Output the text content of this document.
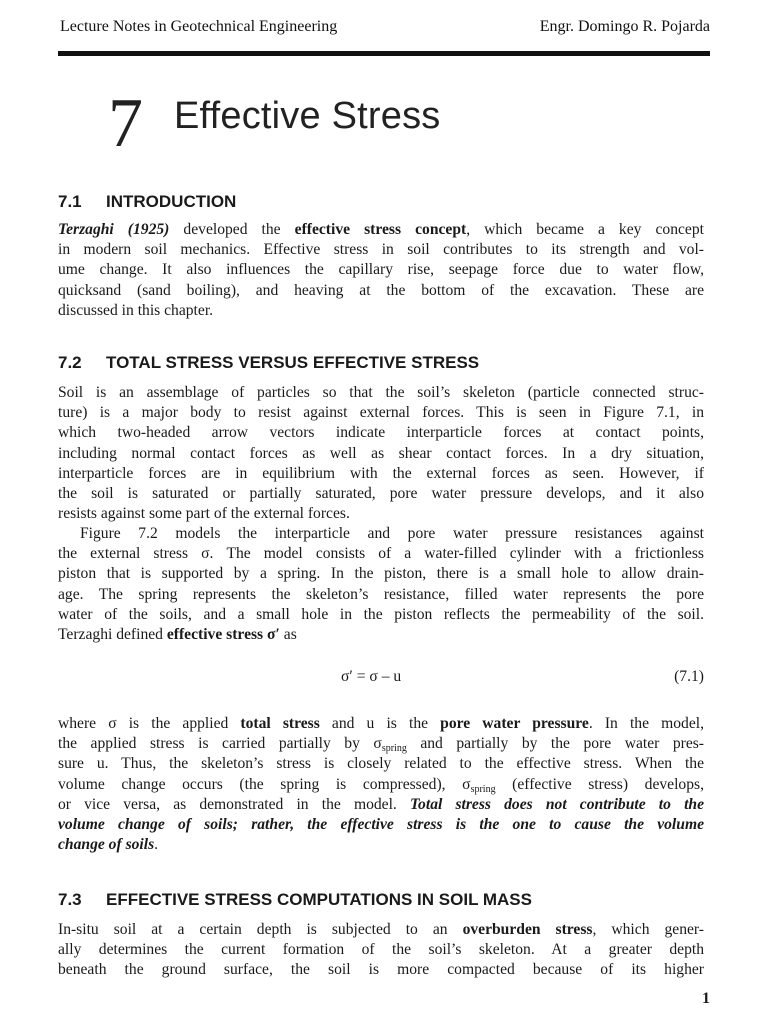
Lecture Notes in Geotechnical Engineering	Engr. Domingo R. Pojarda
7 Effective Stress
7.1 INTRODUCTION
Terzaghi (1925) developed the effective stress concept, which became a key concept
in modern soil mechanics. Effective stress in soil contributes to its strength and vol-
ume change. It also influences the capillary rise, seepage force due to water flow,
quicksand (sand boiling), and heaving at the bottom of the excavation. These are
discussed in this chapter.
7.2 TOTAL STRESS VERSUS EFFECTIVE STRESS
Soil is an assemblage of particles so that the soil’s skeleton (particle connected struc-
ture) is a major body to resist against external forces. This is seen in Figure 7.1, in
which two-headed arrow vectors indicate interparticle forces at contact points,
including normal contact forces as well as shear contact forces. In a dry situation,
interparticle forces are in equilibrium with the external forces as seen. However, if
the soil is saturated or partially saturated, pore water pressure develops, and it also
resists against some part of the external forces.
Figure 7.2 models the interparticle and pore water pressure resistances against
the external stress σ. The model consists of a water-filled cylinder with a frictionless
piston that is supported by a spring. In the piston, there is a small hole to allow drain-
age. The spring represents the skeleton’s resistance, filled water represents the pore
water of the soils, and a small hole in the piston reflects the permeability of the soil.
Terzaghi defined effective stress σ′ as
σ′ = σ – u	(7.1)
where σ is the applied total stress and u is the pore water pressure. In the model,
the applied stress is carried partially by $\sigma_{spring}$ and partially by the pore water pres-
sure u. Thus, the skeleton’s stress is closely related to the effective stress. When the
volume change occurs (the spring is compressed), $\sigma_{spring}$ (effective stress) develops,
or vice versa, as demonstrated in the model. Total stress does not contribute to the
volume change of soils; rather, the effective stress is the one to cause the volume
change of soils.
7.3 EFFECTIVE STRESS COMPUTATIONS IN SOIL MASS
In-situ soil at a certain depth is subjected to an overburden stress, which gener-
ally determines the current formation of the soil’s skeleton. At a greater depth
beneath the ground surface, the soil is more compacted because of its higher
1
